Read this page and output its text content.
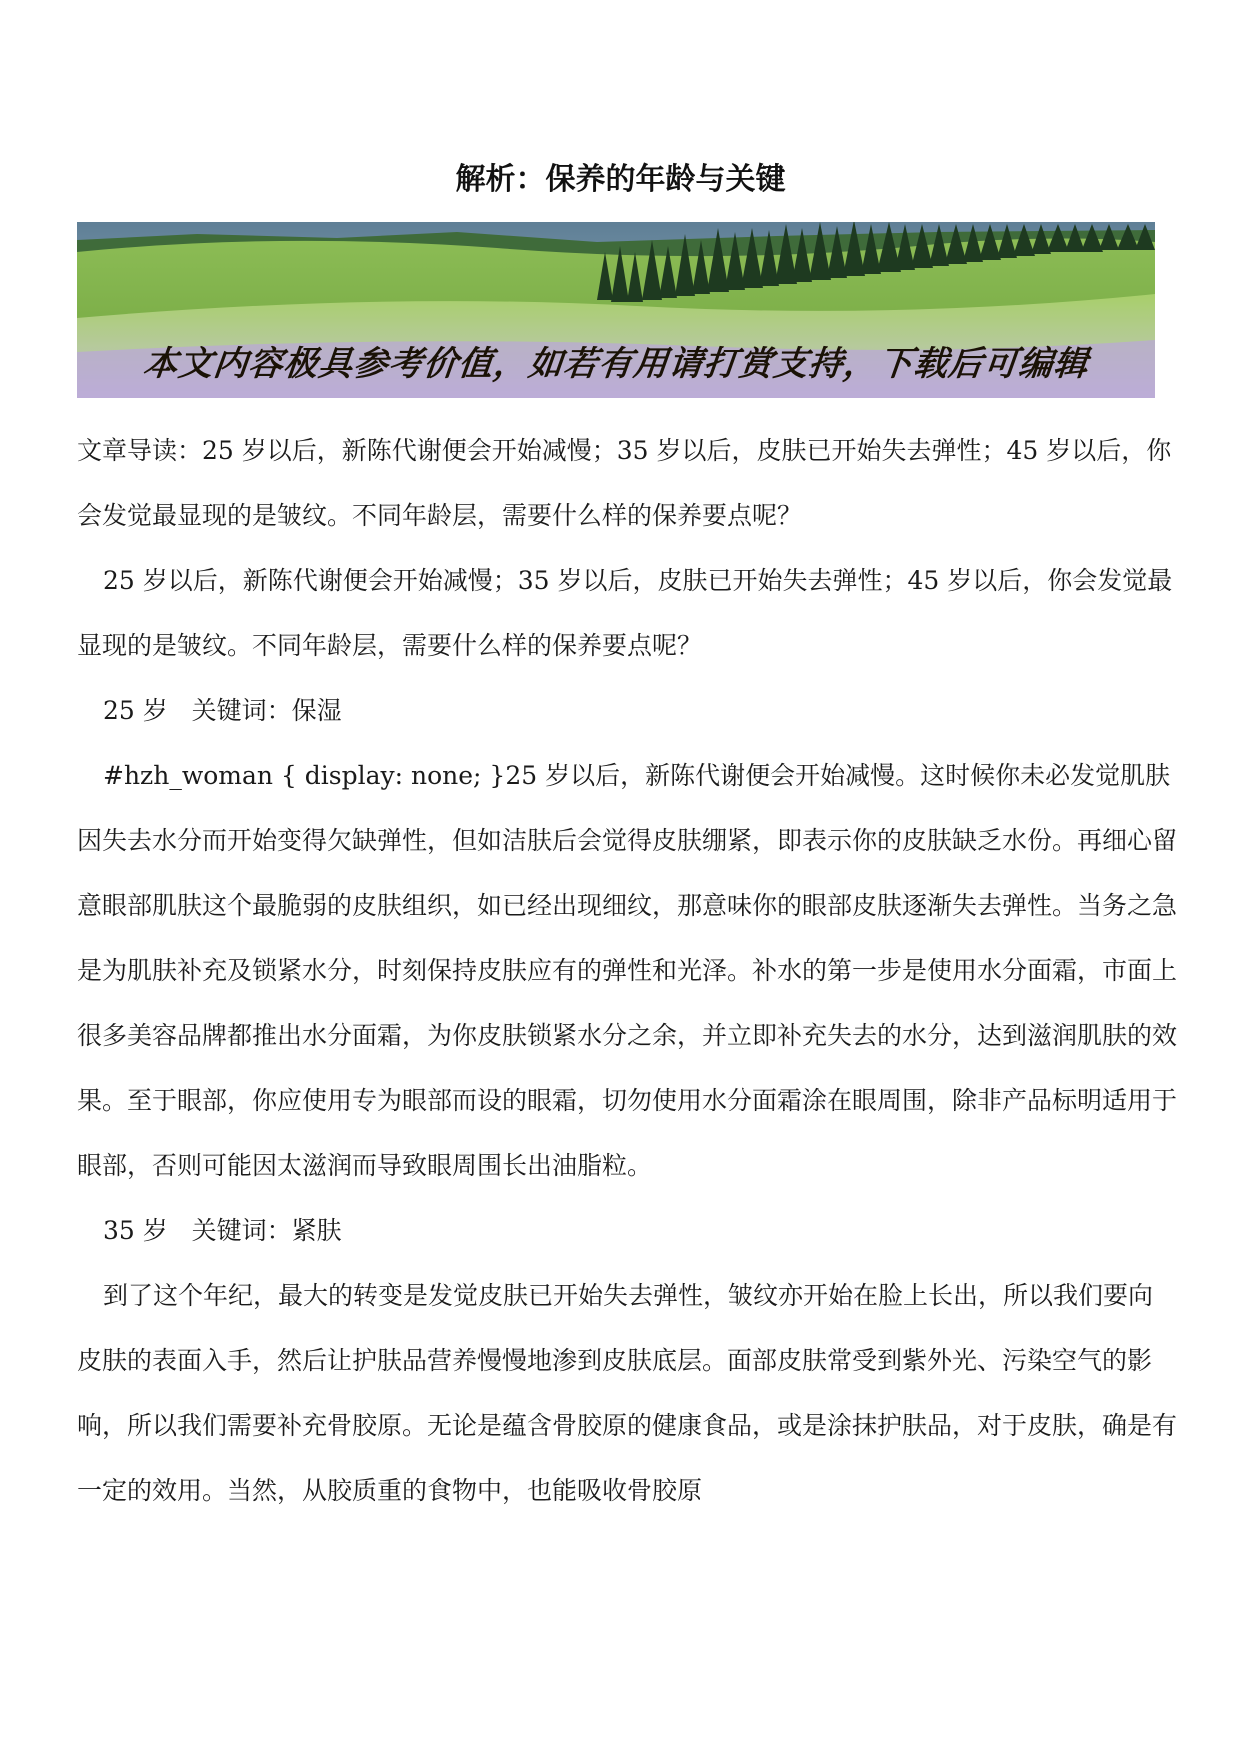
解析：保养的年龄与关键
本文内容极具参考价值，如若有用请打赏支持，下载后可编辑

文章导读：25 岁以后，新陈代谢便会开始减慢；35 岁以后，皮肤已开始失去弹性；45 岁以后，你会发觉最显现的是皱纹。不同年龄层，需要什么样的保养要点呢？

25 岁以后，新陈代谢便会开始减慢；35 岁以后，皮肤已开始失去弹性；45 岁以后，你会发觉最显现的是皱纹。不同年龄层，需要什么样的保养要点呢？

25 岁   关键词：保湿

#hzh_woman { display: none; }25 岁以后，新陈代谢便会开始减慢。这时候你未必发觉肌肤因失去水分而开始变得欠缺弹性，但如洁肤后会觉得皮肤绷紧，即表示你的皮肤缺乏水份。再细心留意眼部肌肤这个最脆弱的皮肤组织，如已经出现细纹，那意味你的眼部皮肤逐渐失去弹性。当务之急是为肌肤补充及锁紧水分，时刻保持皮肤应有的弹性和光泽。补水的第一步是使用水分面霜，市面上很多美容品牌都推出水分面霜，为你皮肤锁紧水分之余，并立即补充失去的水分，达到滋润肌肤的效果。至于眼部，你应使用专为眼部而设的眼霜，切勿使用水分面霜涂在眼周围，除非产品标明适用于眼部，否则可能因太滋润而导致眼周围长出油脂粒。

35 岁   关键词：紧肤

到了这个年纪，最大的转变是发觉皮肤已开始失去弹性，皱纹亦开始在脸上长出，所以我们要向皮肤的表面入手，然后让护肤品营养慢慢地渗到皮肤底层。面部皮肤常受到紫外光、污染空气的影响，所以我们需要补充骨胶原。无论是蕴含骨胶原的健康食品，或是涂抹护肤品，对于皮肤，确是有一定的效用。当然，从胶质重的食物中，也能吸收骨胶原
